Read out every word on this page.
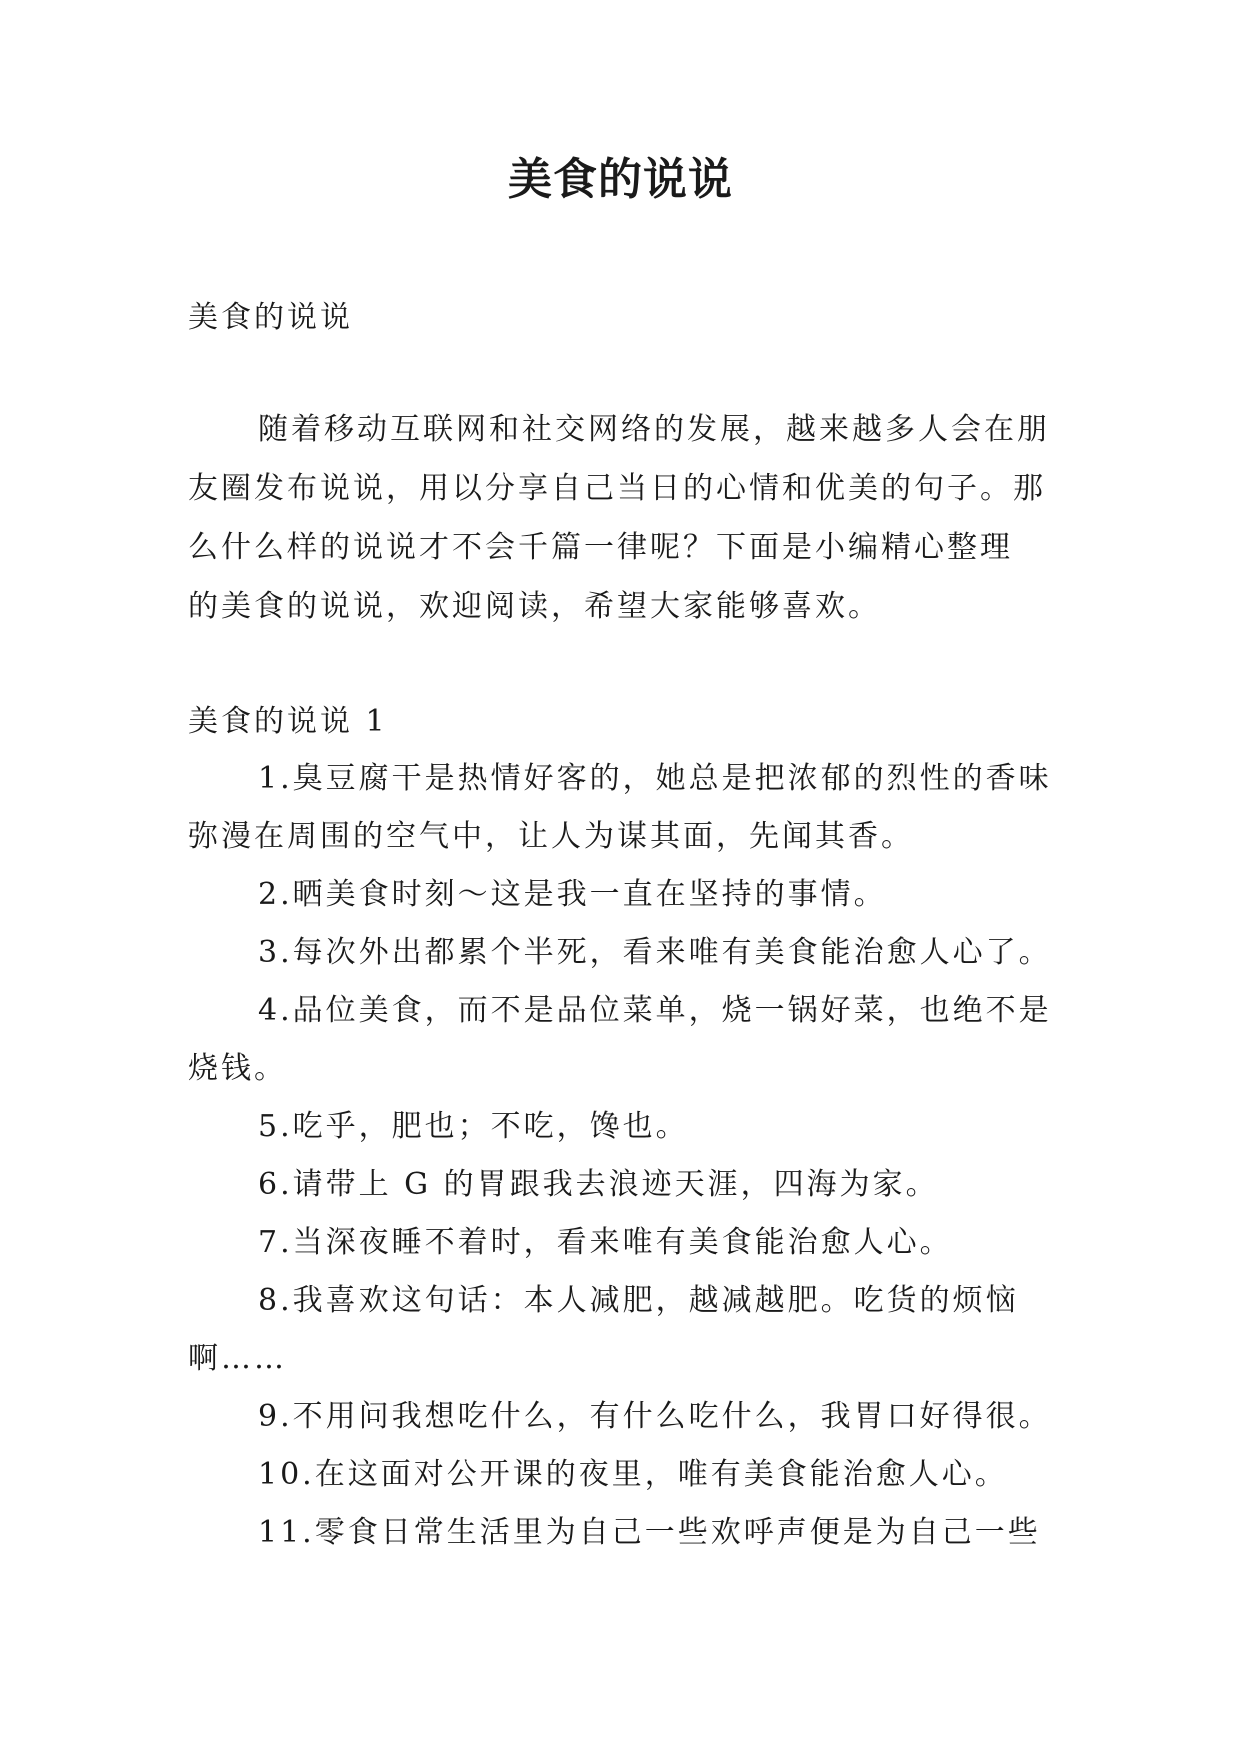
美食的说说

美食的说说

随着移动互联网和社交网络的发展，越来越多人会在朋

友圈发布说说，用以分享自己当日的心情和优美的句子。那

么什么样的说说才不会千篇一律呢？下面是小编精心整理

的美食的说说，欢迎阅读，希望大家能够喜欢。

美食的说说 1

1.臭豆腐干是热情好客的，她总是把浓郁的烈性的香味

弥漫在周围的空气中，让人为谋其面，先闻其香。

2.晒美食时刻～这是我一直在坚持的事情。

3.每次外出都累个半死，看来唯有美食能治愈人心了。

4.品位美食，而不是品位菜单，烧一锅好菜，也绝不是

烧钱。

5.吃乎，肥也；不吃，馋也。

6.请带上 G 的胃跟我去浪迹天涯，四海为家。

7.当深夜睡不着时，看来唯有美食能治愈人心。

8.我喜欢这句话：本人减肥，越减越肥。吃货的烦恼

啊……

9.不用问我想吃什么，有什么吃什么，我胃口好得很。

10.在这面对公开课的夜里，唯有美食能治愈人心。

11.零食日常生活里为自己一些欢呼声便是为自己一些
